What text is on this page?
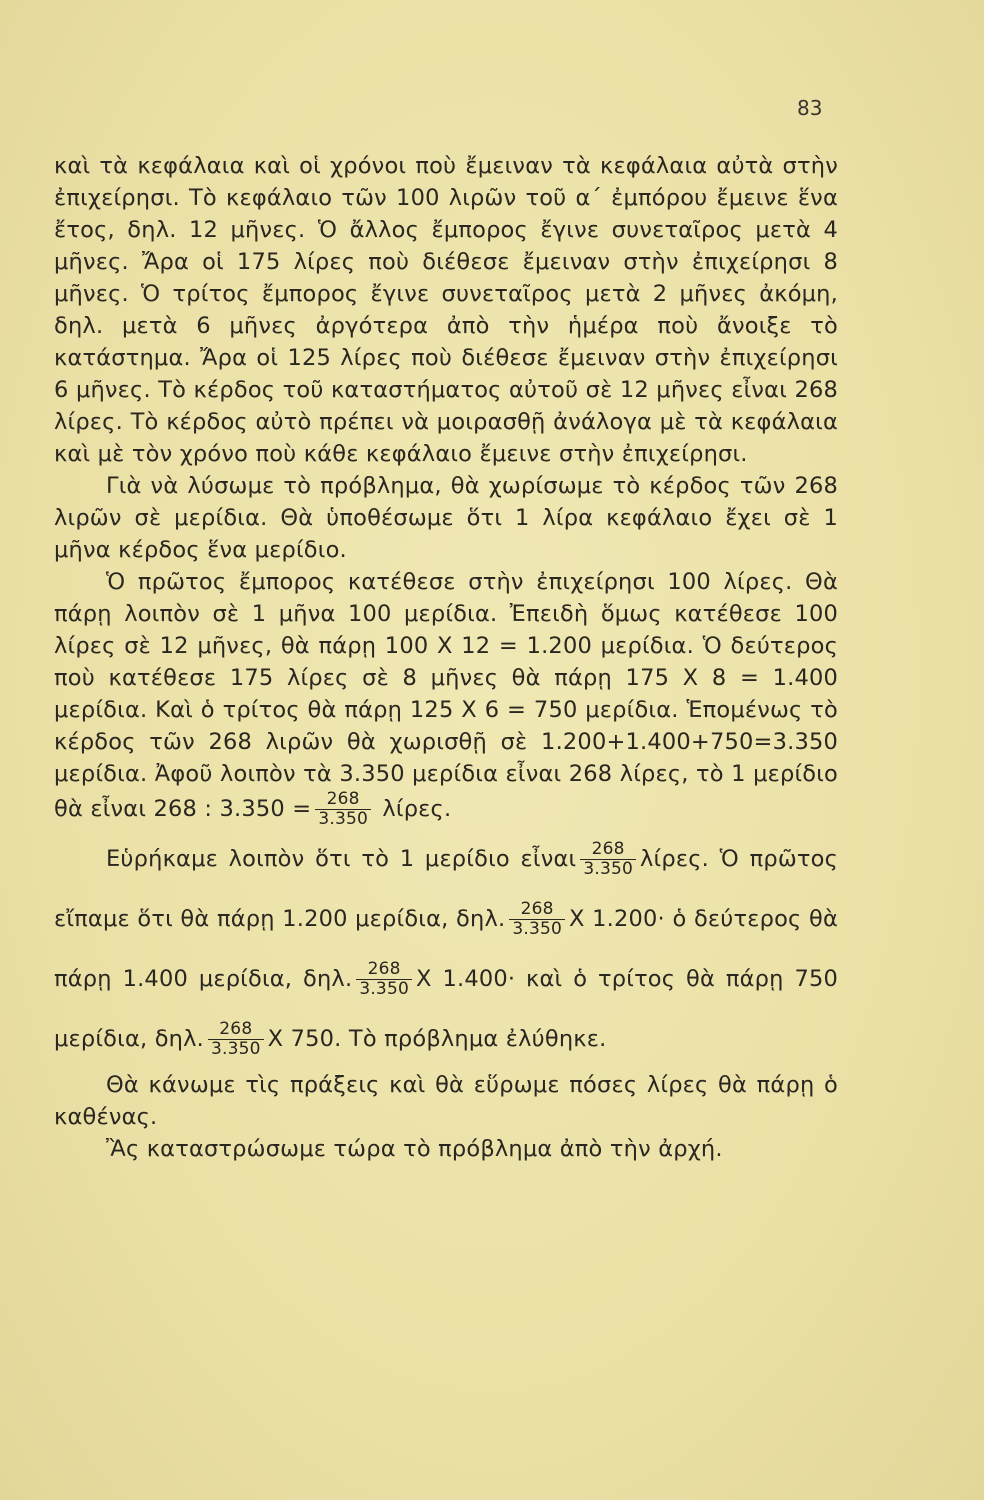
83

καὶ τὰ κεφάλαια καὶ οἱ χρόνοι ποὺ ἔμειναν τὰ κεφάλαια αὐτὰ στὴν ἐπιχείρησι. Τὸ κεφάλαιο τῶν 100 λιρῶν τοῦ α΄ ἐμπόρου ἔμεινε ἕνα ἔτος, δηλ. 12 μῆνες. Ὁ ἄλλος ἔμπορος ἔγινε συνεταῖρος μετὰ 4 μῆνες. Ἄρα οἱ 175 λίρες ποὺ διέθεσε ἔμειναν στὴν ἐπιχείρησι 8 μῆνες. Ὁ τρίτος ἔμπορος ἔγινε συνεταῖρος μετὰ 2 μῆνες ἀκόμη, δηλ. μετὰ 6 μῆνες ἀργότερα ἀπὸ τὴν ἡμέρα ποὺ ἄνοιξε τὸ κατάστημα. Ἄρα οἱ 125 λίρες ποὺ διέθεσε ἔμειναν στὴν ἐπιχείρησι 6 μῆνες. Τὸ κέρδος τοῦ καταστήματος αὐτοῦ σὲ 12 μῆνες εἶναι 268 λίρες. Τὸ κέρδος αὐτὸ πρέπει νὰ μοιρασθῇ ἀνάλογα μὲ τὰ κεφάλαια καὶ μὲ τὸν χρόνο ποὺ κάθε κεφάλαιο ἔμεινε στὴν ἐπιχείρησι.

Γιὰ νὰ λύσωμε τὸ πρόβλημα, θὰ χωρίσωμε τὸ κέρδος τῶν 268 λιρῶν σὲ μερίδια. Θὰ ὑποθέσωμε ὅτι 1 λίρα κεφάλαιο ἔχει σὲ 1 μῆνα κέρδος ἕνα μερίδιο.

Ὁ πρῶτος ἔμπορος κατέθεσε στὴν ἐπιχείρησι 100 λίρες. Θὰ πάρῃ λοιπὸν σὲ 1 μῆνα 100 μερίδια. Ἐπειδὴ ὅμως κατέθεσε 100 λίρες σὲ 12 μῆνες, θὰ πάρῃ 100 X 12 = 1.200 μερίδια. Ὁ δεύτερος ποὺ κατέθεσε 175 λίρες σὲ 8 μῆνες θὰ πάρῃ 175 X 8 = 1.400 μερίδια. Καὶ ὁ τρίτος θὰ πάρῃ 125 X 6 = 750 μερίδια. Ἑπομένως τὸ κέρδος τῶν 268 λιρῶν θὰ χωρισθῇ σὲ 1.200+1.400+750=3.350 μερίδια. Ἀφοῦ λοιπὸν τὰ 3.350 μερίδια εἶναι 268 λίρες, τὸ 1 μερίδιο θὰ εἶναι 268 : $3.350 = \frac{268}{3.350} \lambda ί\rho\varepsilon\varsigma$.

Εὑρήκαμε λοιπὸν ὅτι τὸ 1 μερίδιο εἶναι $\frac{268}{3.350} \lambda ί\rho\varepsilon\varsigma$. Ὁ πρῶτος εἴπαμε ὅτι θὰ πάρῃ 1.200 μερίδια, δηλ. $\frac{268}{3.350}$ X 1.200· ὁ δεύτερος θὰ πάρῃ 1.400 μερίδια, δηλ. $\frac{268}{3.350}$ X 1.400· καὶ ὁ τρίτος θὰ πάρῃ 750 μερίδια, δηλ. $\frac{268}{3.350}$ X 750. Τὸ πρόβλημα ἐλύθηκε.

Θὰ κάνωμε τὶς πράξεις καὶ θὰ εὕρωμε πόσες λίρες θὰ πάρῃ ὁ καθένας.

Ἂς καταστρώσωμε τώρα τὸ πρόβλημα ἀπὸ τὴν ἀρχή.
